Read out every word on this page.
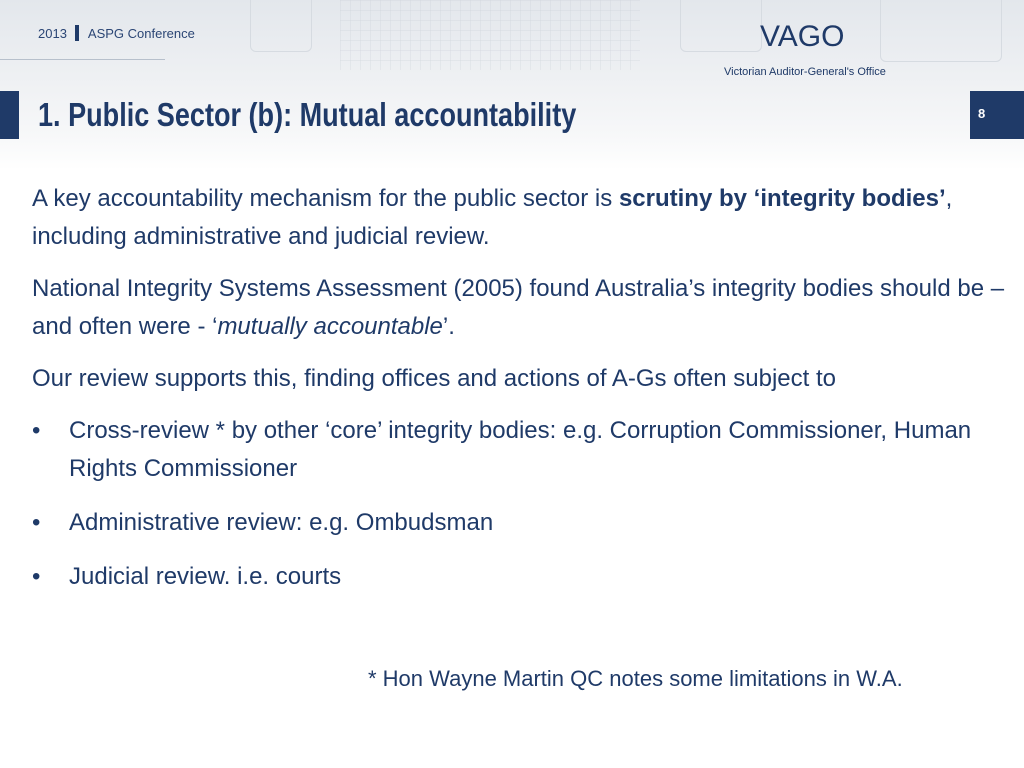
2013 ASPG Conference	VAGO
Victorian Auditor-General's Office
1. Public Sector (b): Mutual accountability	8

A key accountability mechanism for the public sector is scrutiny by ‘integrity bodies’, including administrative and judicial review.

National Integrity Systems Assessment (2005) found Australia’s integrity bodies should be – and often were - ‘mutually accountable’.

Our review supports this, finding offices and actions of A-Gs often subject to

• Cross-review * by other ‘core’ integrity bodies: e.g. Corruption Commissioner, Human Rights Commissioner
• Administrative review: e.g. Ombudsman
• Judicial review. i.e. courts
* Hon Wayne Martin QC notes some limitations in W.A.
